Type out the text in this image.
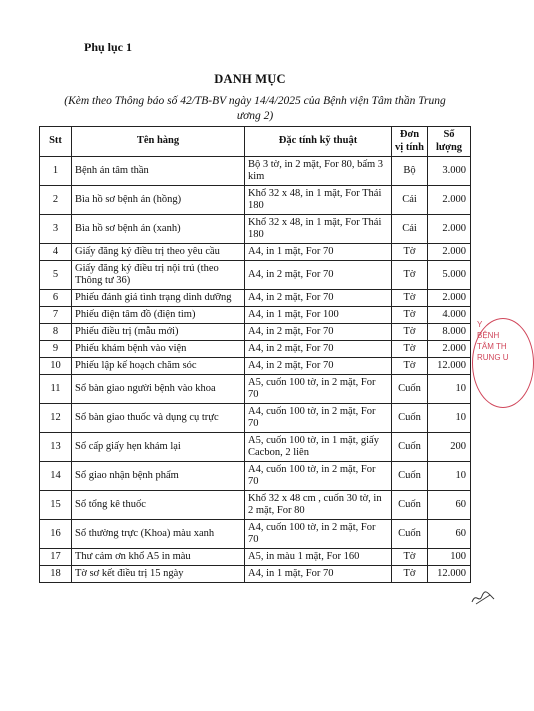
Phụ lục 1
DANH MỤC
(Kèm theo Thông báo số 42/TB-BV ngày 14/4/2025 của Bệnh viện Tâm thần Trung ương 2)
Stt	Tên hàng	Đặc tính kỹ thuật	Đơn vị tính	Số lượng
1	Bệnh án tâm thần	Bộ 3 tờ, in 2 mặt, For 80, bấm 3 kim	Bộ	3.000
2	Bìa hồ sơ bệnh án (hồng)	Khổ 32 x 48, in 1 mặt, For Thái 180	Cái	2.000
3	Bìa hồ sơ bệnh án (xanh)	Khổ 32 x 48, in 1 mặt, For Thái 180	Cái	2.000
4	Giấy đăng ký điều trị theo yêu cầu	A4, in 1 mặt, For 70	Tờ	2.000
5	Giấy đăng ký điều trị nội trú (theo Thông tư 36)	A4, in 2 mặt, For 70	Tờ	5.000
6	Phiếu đánh giá tình trạng dinh dưỡng	A4, in 2 mặt, For 70	Tờ	2.000
7	Phiếu điện tâm đồ (điện tim)	A4, in 1 mặt, For 100	Tờ	4.000
8	Phiếu điều trị (mẫu mới)	A4, in 2 mặt, For 70	Tờ	8.000
9	Phiếu khám bệnh vào viện	A4, in 2 mặt, For 70	Tờ	2.000
10	Phiếu lập kế hoạch chăm sóc	A4, in 2 mặt, For 70	Tờ	12.000
11	Sổ bàn giao người bệnh vào khoa	A5, cuốn 100 tờ, in 2 mặt, For 70	Cuốn	10
12	Sổ bàn giao thuốc và dụng cụ trực	A4, cuốn 100 tờ, in 2 mặt, For 70	Cuốn	10
13	Sổ cấp giấy hẹn khám lại	A5, cuốn 100 tờ, in 1 mặt, giấy Cacbon, 2 liên	Cuốn	200
14	Sổ giao nhận bệnh phẩm	A4, cuốn 100 tờ, in 2 mặt, For 70	Cuốn	10
15	Sổ tổng kê thuốc	Khổ 32 x 48 cm , cuốn 30 tờ, in 2 mặt, For 80	Cuốn	60
16	Sổ thường trực (Khoa) màu xanh	A4, cuốn 100 tờ, in 2 mặt, For 70	Cuốn	60
17	Thư cảm ơn khổ A5 in màu	A5, in màu 1 mặt, For 160	Tờ	100
18	Tờ sơ kết điều trị 15 ngày	A4, in 1 mặt, For 70	Tờ	12.000
Y
BỆNH
TÂM TH
RUNG U
